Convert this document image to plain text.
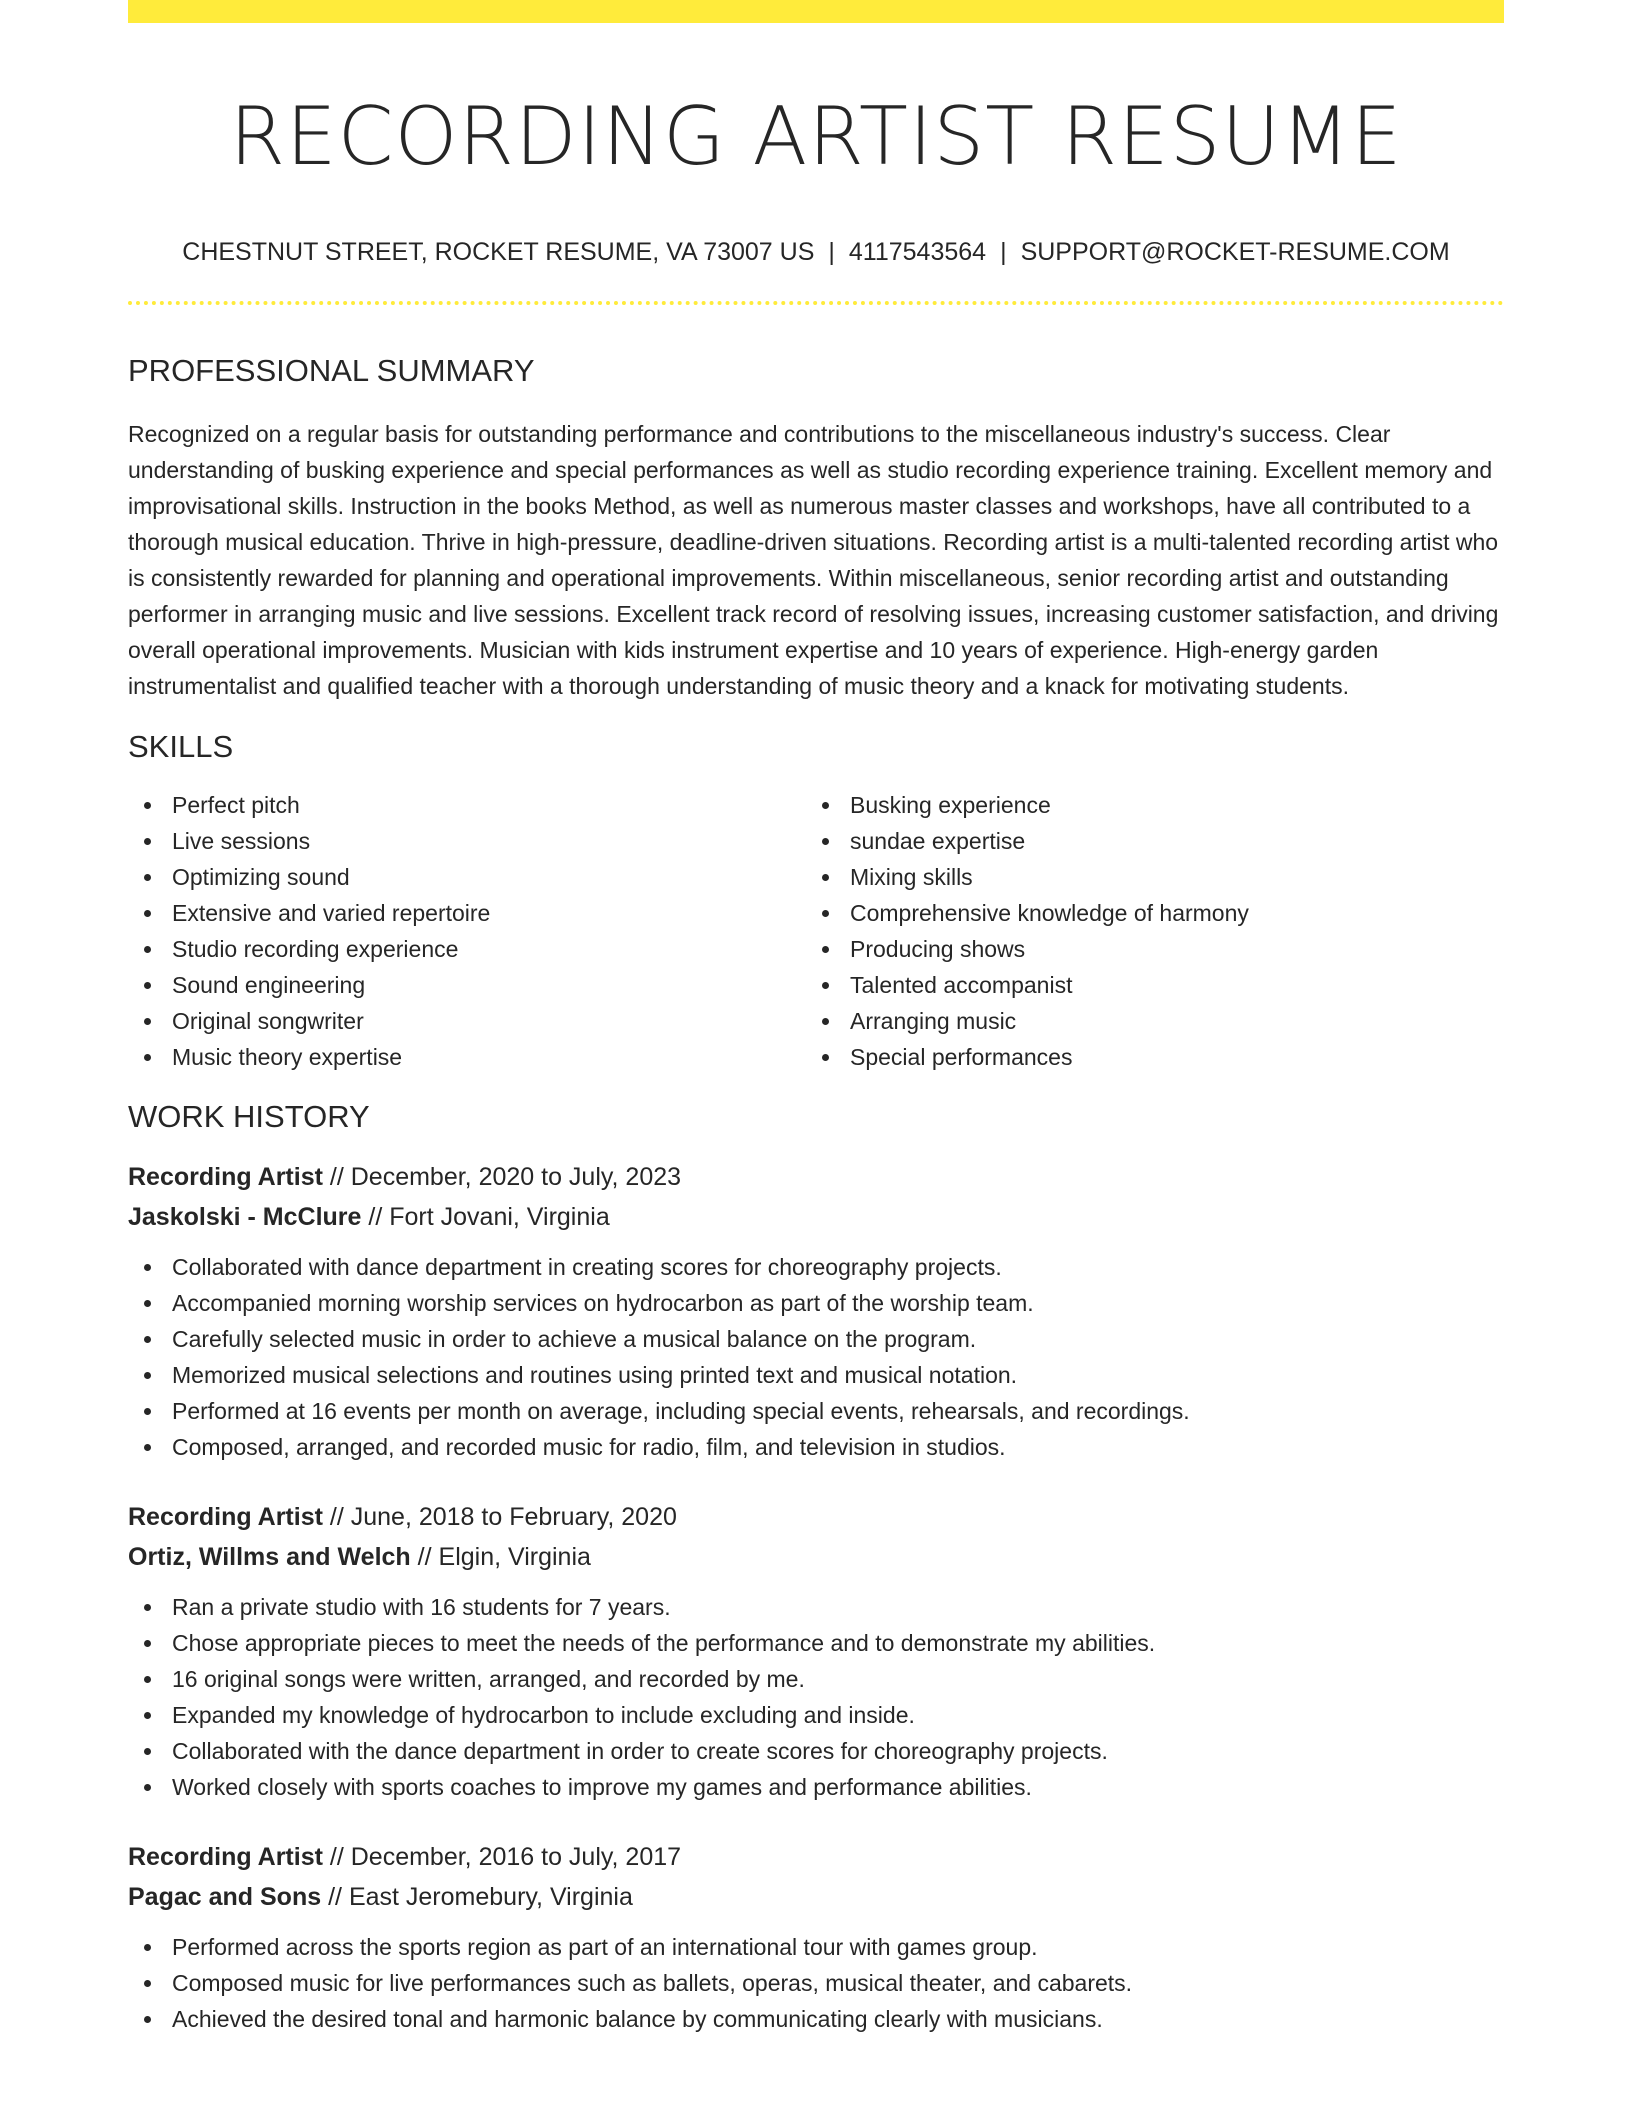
RECORDING ARTIST RESUME
CHESTNUT STREET, ROCKET RESUME, VA 73007 US | 4117543564 | SUPPORT@ROCKET-RESUME.COM
PROFESSIONAL SUMMARY

Recognized on a regular basis for outstanding performance and contributions to the miscellaneous industry's success. Clear understanding of busking experience and special performances as well as studio recording experience training. Excellent memory and improvisational skills. Instruction in the books Method, as well as numerous master classes and workshops, have all contributed to a thorough musical education. Thrive in high-pressure, deadline-driven situations. Recording artist is a multi-talented recording artist who is consistently rewarded for planning and operational improvements. Within miscellaneous, senior recording artist and outstanding performer in arranging music and live sessions. Excellent track record of resolving issues, increasing customer satisfaction, and driving overall operational improvements. Musician with kids instrument expertise and 10 years of experience. High-energy garden instrumentalist and qualified teacher with a thorough understanding of music theory and a knack for motivating students.

SKILLS
Perfect pitch
Live sessions
Optimizing sound
Extensive and varied repertoire
Studio recording experience
Sound engineering
Original songwriter
Music theory expertise
Busking experience
sundae expertise
Mixing skills
Comprehensive knowledge of harmony
Producing shows
Talented accompanist
Arranging music
Special performances
WORK HISTORY
Recording Artist // December, 2020 to July, 2023
Jaskolski - McClure // Fort Jovani, Virginia
Collaborated with dance department in creating scores for choreography projects.
Accompanied morning worship services on hydrocarbon as part of the worship team.
Carefully selected music in order to achieve a musical balance on the program.
Memorized musical selections and routines using printed text and musical notation.
Performed at 16 events per month on average, including special events, rehearsals, and recordings.
Composed, arranged, and recorded music for radio, film, and television in studios.
Recording Artist // June, 2018 to February, 2020
Ortiz, Willms and Welch // Elgin, Virginia
Ran a private studio with 16 students for 7 years.
Chose appropriate pieces to meet the needs of the performance and to demonstrate my abilities.
16 original songs were written, arranged, and recorded by me.
Expanded my knowledge of hydrocarbon to include excluding and inside.
Collaborated with the dance department in order to create scores for choreography projects.
Worked closely with sports coaches to improve my games and performance abilities.
Recording Artist // December, 2016 to July, 2017
Pagac and Sons // East Jeromebury, Virginia
Performed across the sports region as part of an international tour with games group.
Composed music for live performances such as ballets, operas, musical theater, and cabarets.
Achieved the desired tonal and harmonic balance by communicating clearly with musicians.
